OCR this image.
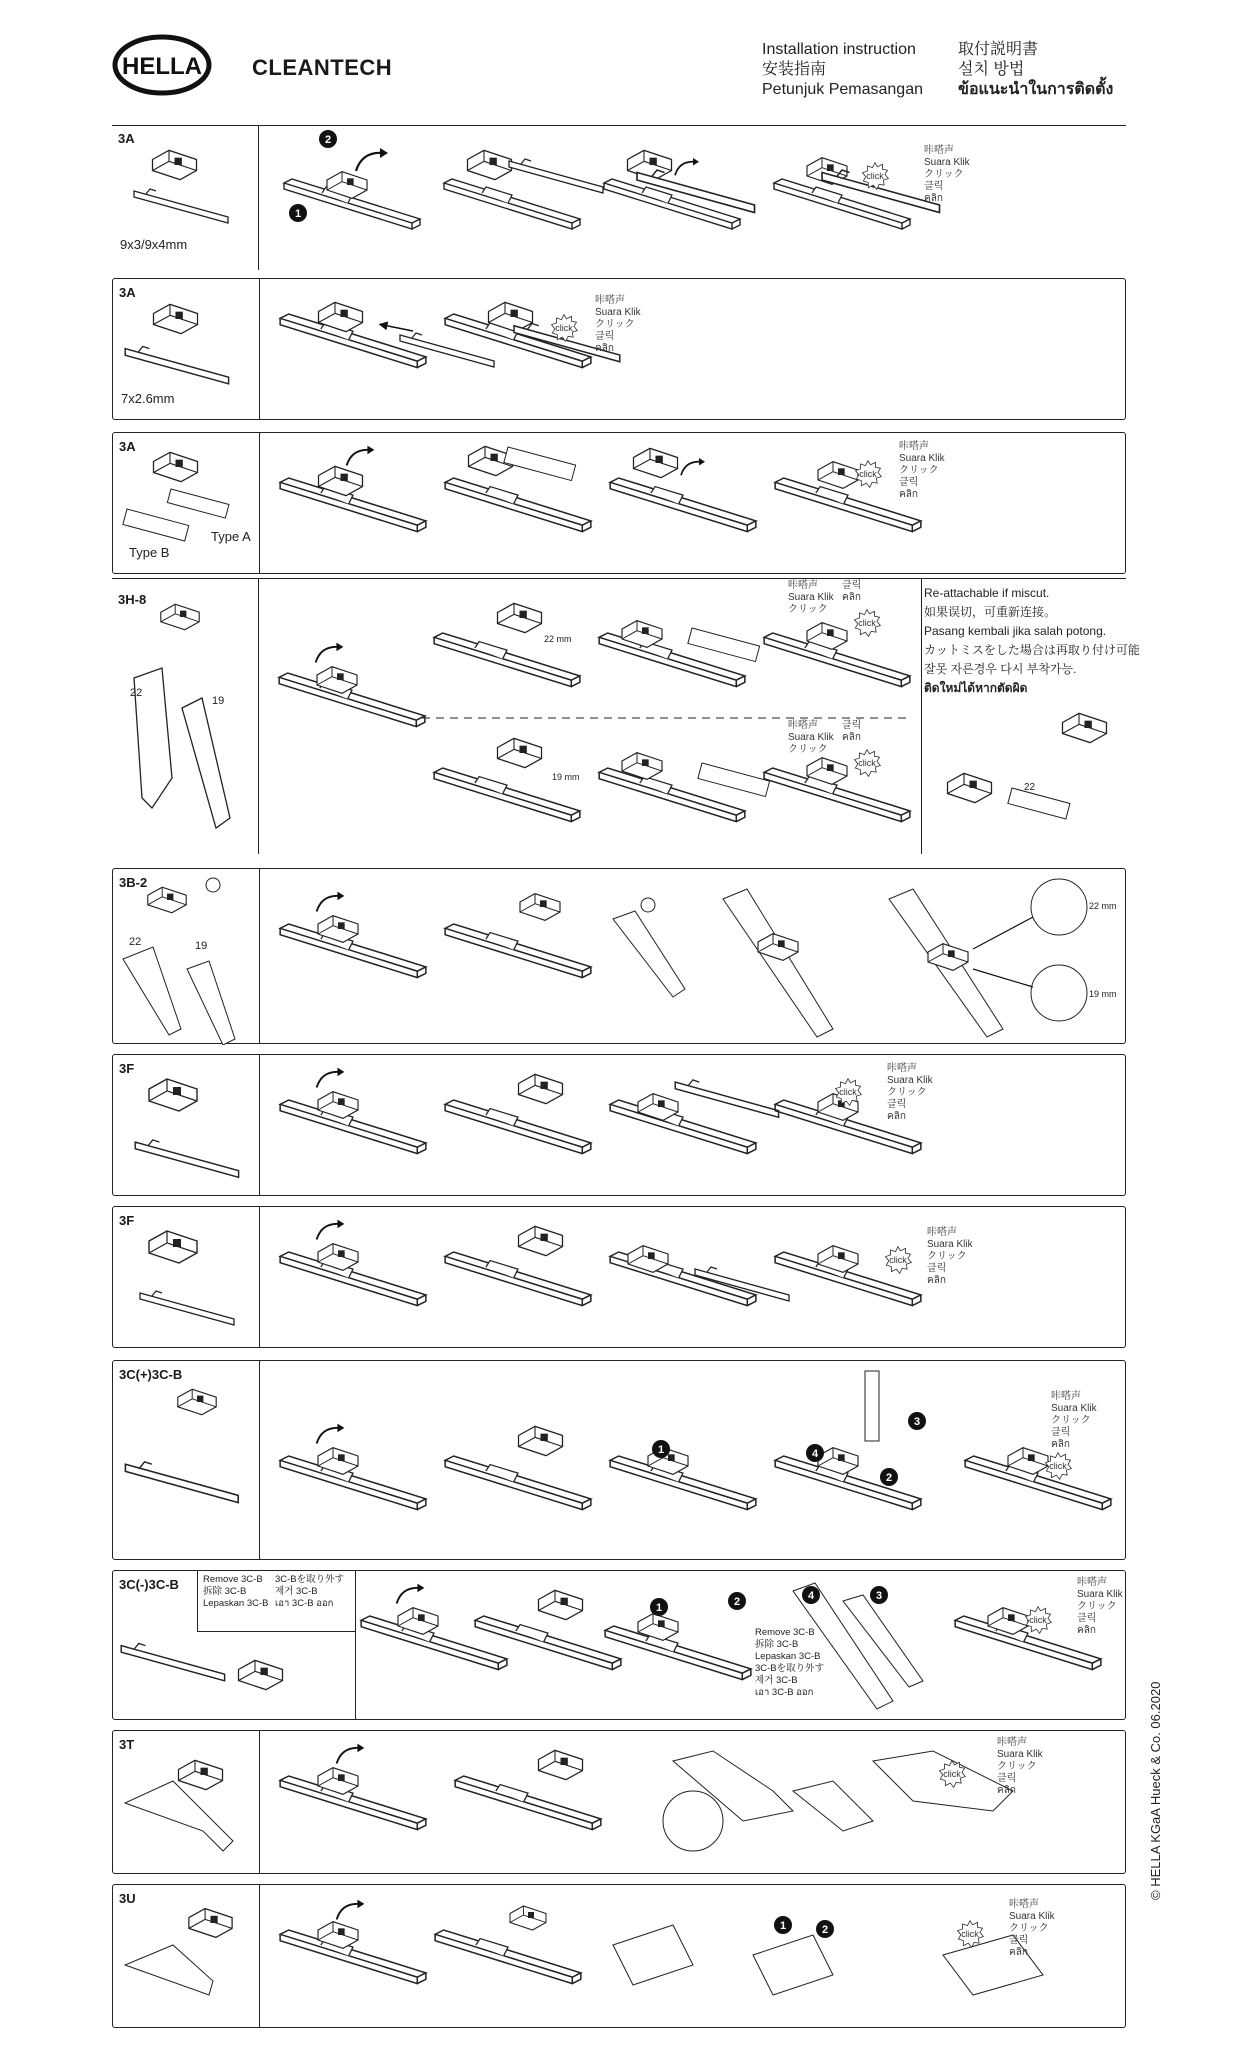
HELLA CLEANTECH
Installation instruction
安装指南
Petunjuk Pemasangan
取付説明書
설치 방법
ข้อแนะนำในการติดตั้ง
3A	2
1
click
9x3/9x4mm
咔嗒声
Suara Klik
クリック
클릭
คลิก
3A
click
7x2.6mm
咔嗒声
Suara Klik
クリック
클릭
คลิก
3A
click
Type A
Type B
咔嗒声
Suara Klik
クリック
클릭
คลิก
3H-8
22
19
22 mm
click
19 mm
click
22
咔嗒声
Suara Klik
クリック
클릭
คลิก
咔嗒声
Suara Klik
クリック
클릭
คลิก
Re-attachable if miscut.
如果误切，可重新连接。
Pasang kembali jika salah potong.
カットミスをした場合は再取り付け可能
잘못 자른경우 다시 부착가능.
ติดใหม่ได้หากตัดผิด
3B-2
22	19
22 mm
19 mm
3F
click
咔嗒声
Suara Klik
クリック
클릭
คลิก
3F
click
咔嗒声
Suara Klik
クリック
클릭
คลิก
3C(+)3C-B
1	4
2
3
click
咔嗒声
Suara Klik
クリック
클릭
คลิก
3C(-)3C-B	Remove 3C-B
拆除 3C-B
Lepaskan 3C-B
3C-Bを取り外す
제거 3C-B
เอา 3C-B ออก	1	2	4	3
click
Remove 3C-B
拆除 3C-B
Lepaskan 3C-B
3C-Bを取り外す
제거 3C-B
เอา 3C-B ออก
咔嗒声
Suara Klik
クリック
클릭
คลิก
3T
click
咔嗒声
Suara Klik
クリック
클릭
คลิก
3U
1	2	click
咔嗒声
Suara Klik
クリック
클릭
คลิก
© HELLA KGaA Hueck & Co. 06.2020
